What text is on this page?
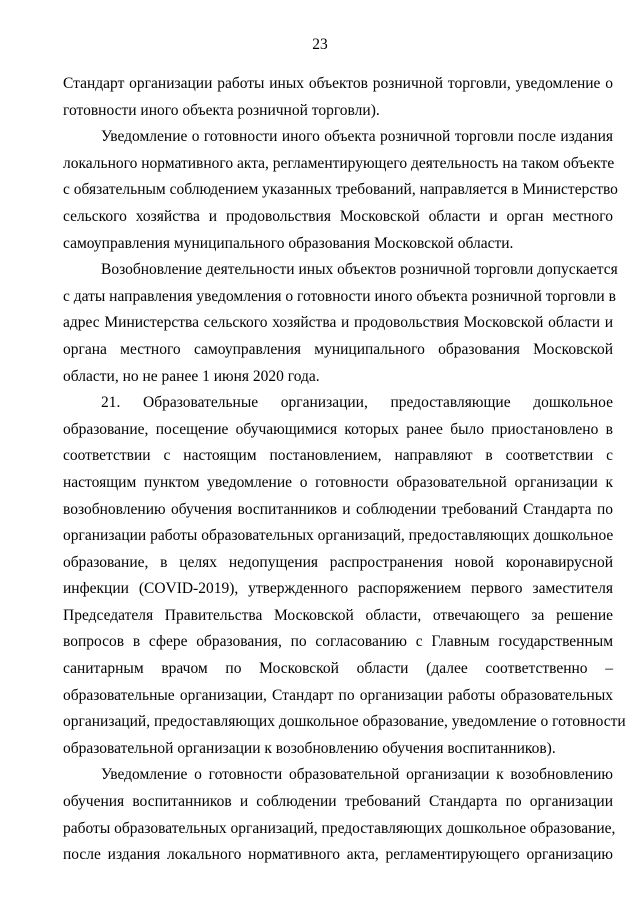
23
Стандарт организации работы иных объектов розничной торговли, уведомление о
готовности иного объекта розничной торговли).
Уведомление о готовности иного объекта розничной торговли после издания
локального нормативного акта, регламентирующего деятельность на таком объекте
с обязательным соблюдением указанных требований, направляется в Министерство
сельского хозяйства и продовольствия Московской области и орган местного
самоуправления муниципального образования Московской области.
Возобновление деятельности иных объектов розничной торговли допускается
с даты направления уведомления о готовности иного объекта розничной торговли в
адрес Министерства сельского хозяйства и продовольствия Московской области и
органа местного самоуправления муниципального образования Московской
области, но не ранее 1 июня 2020 года.
21. Образовательные организации, предоставляющие дошкольное
образование, посещение обучающимися которых ранее было приостановлено в
соответствии с настоящим постановлением, направляют в соответствии с
настоящим пунктом уведомление о готовности образовательной организации к
возобновлению обучения воспитанников и соблюдении требований Стандарта по
организации работы образовательных организаций, предоставляющих дошкольное
образование, в целях недопущения распространения новой коронавирусной
инфекции (COVID-2019), утвержденного распоряжением первого заместителя
Председателя Правительства Московской области, отвечающего за решение
вопросов в сфере образования, по согласованию с Главным государственным
санитарным врачом по Московской области (далее соответственно –
образовательные организации, Стандарт по организации работы образовательных
организаций, предоставляющих дошкольное образование, уведомление о готовности
образовательной организации к возобновлению обучения воспитанников).
Уведомление о готовности образовательной организации к возобновлению
обучения воспитанников и соблюдении требований Стандарта по организации
работы образовательных организаций, предоставляющих дошкольное образование,
после издания локального нормативного акта, регламентирующего организацию
